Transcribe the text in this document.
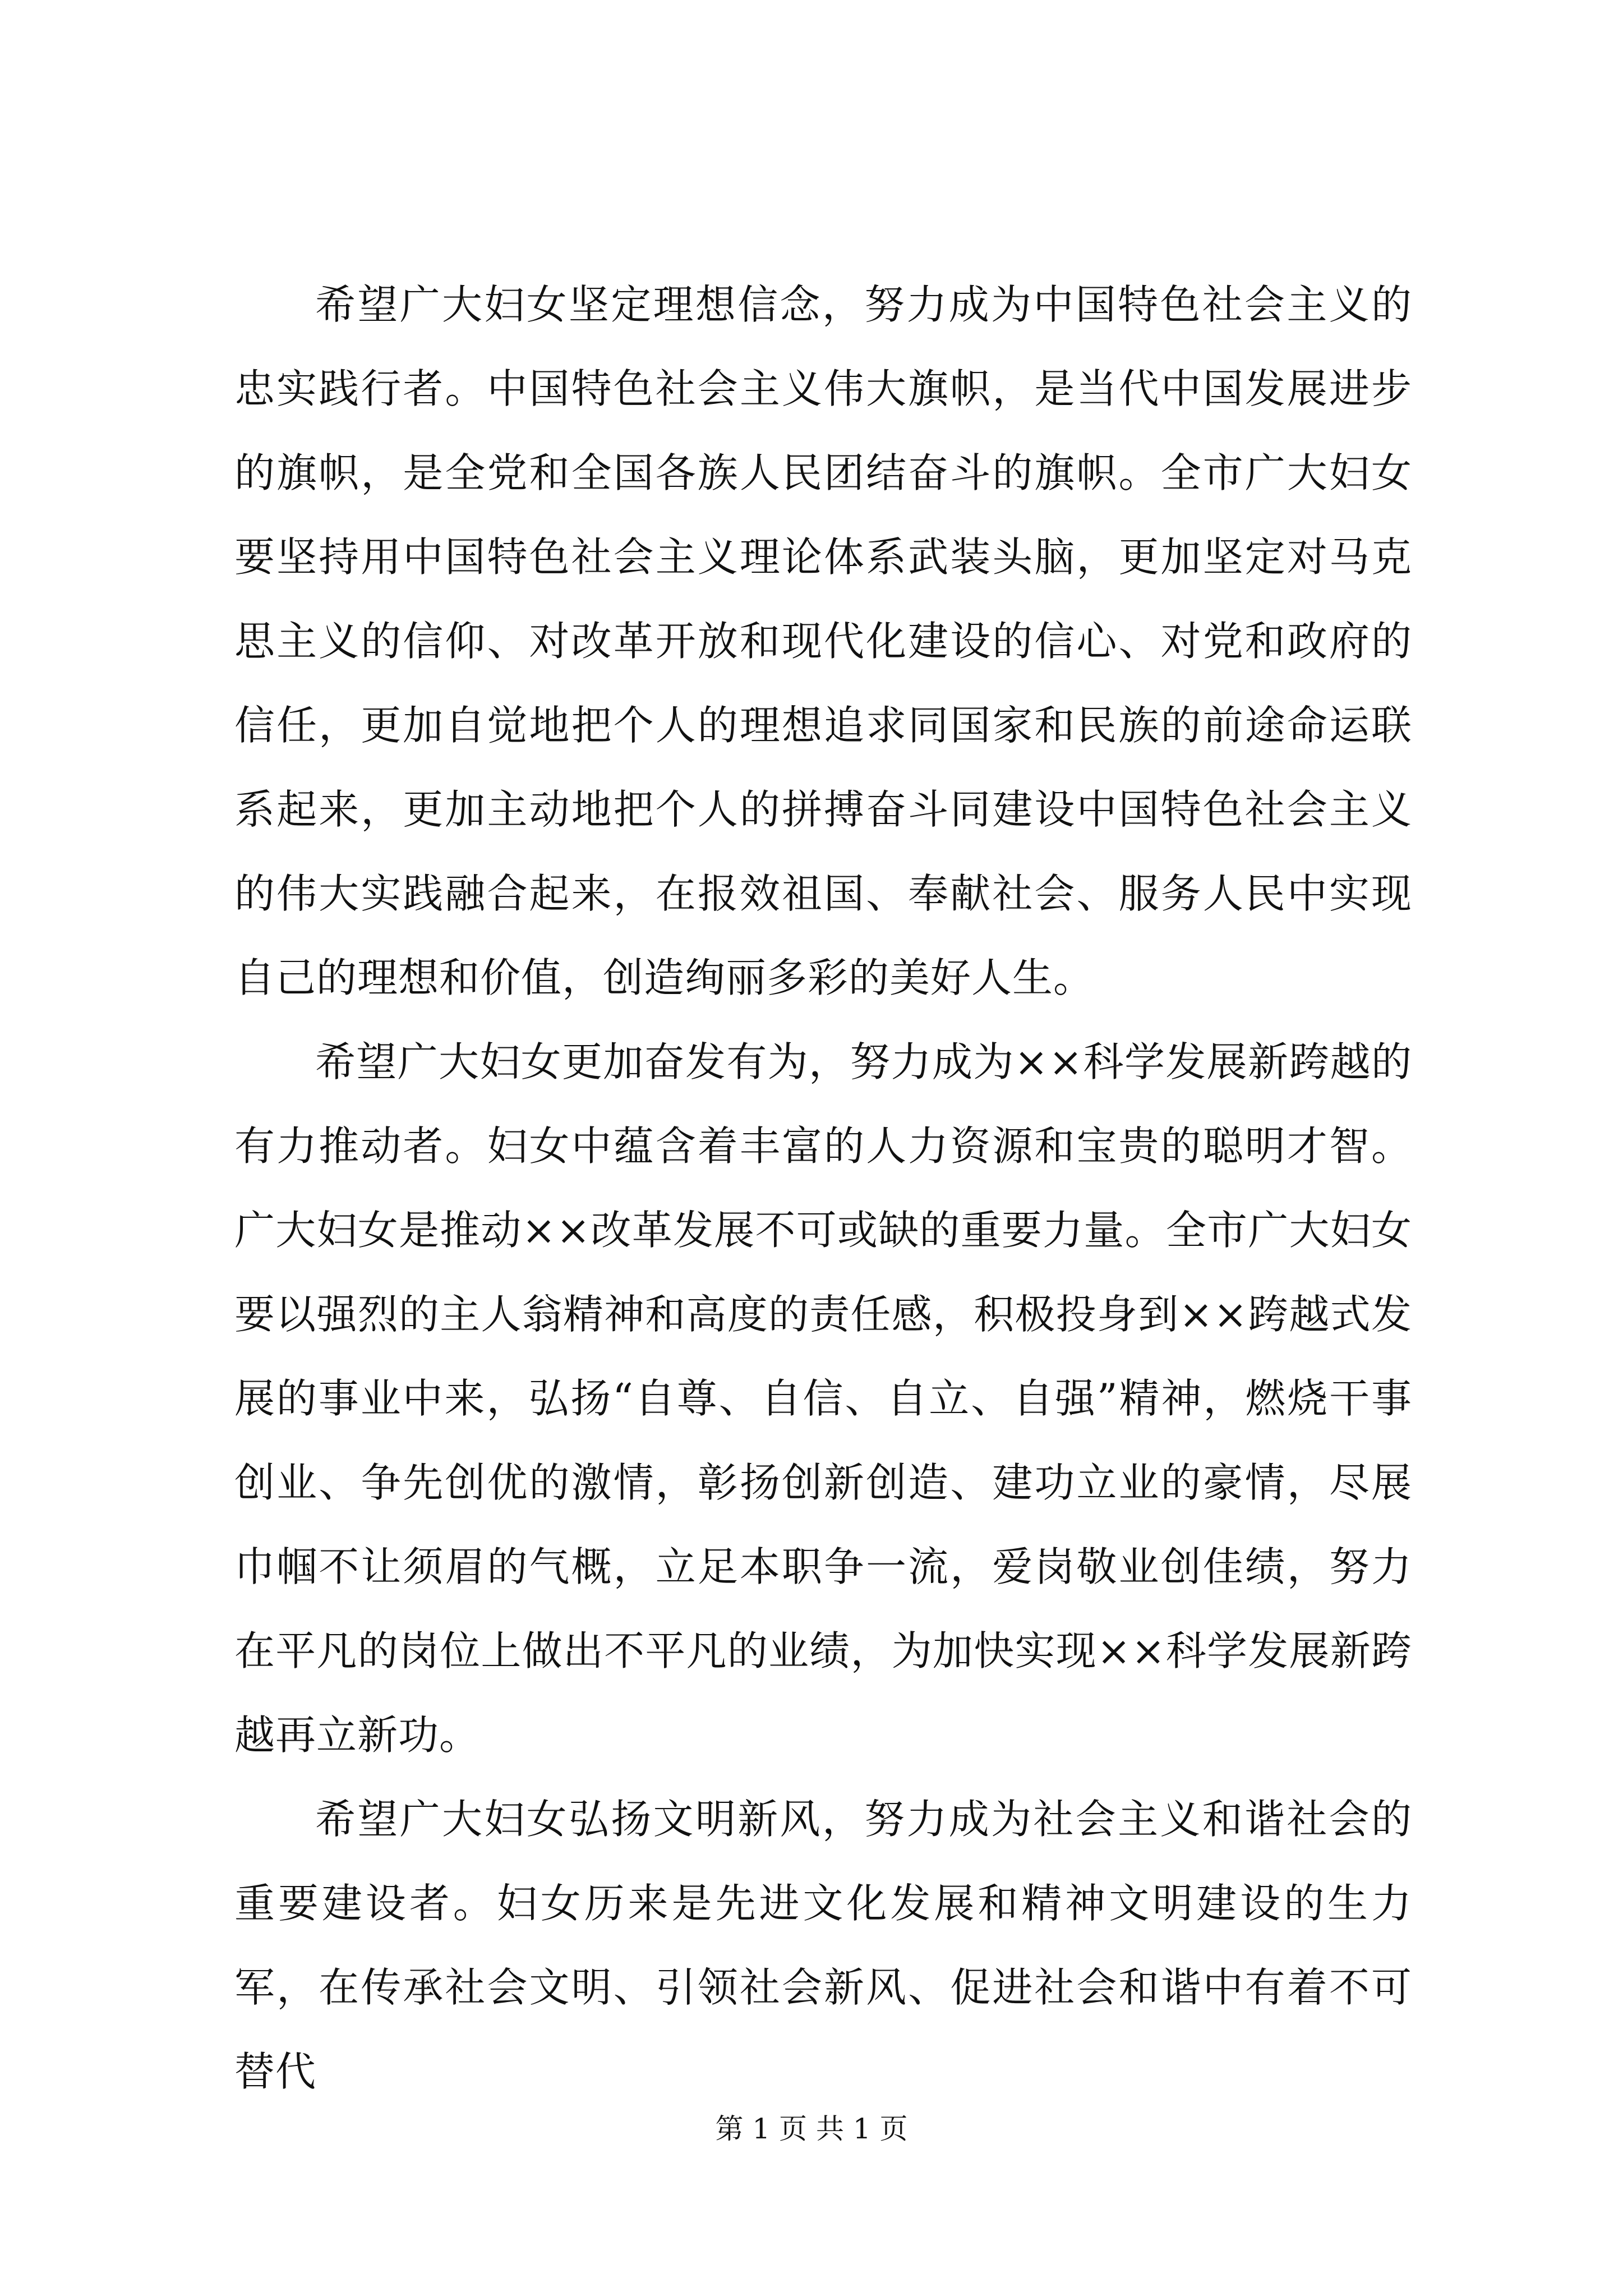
希望广大妇女坚定理想信念，努力成为中国特色社会主义的忠实践行者。中国特色社会主义伟大旗帜，是当代中国发展进步的旗帜，是全党和全国各族人民团结奋斗的旗帜。全市广大妇女要坚持用中国特色社会主义理论体系武装头脑，更加坚定对马克思主义的信仰、对改革开放和现代化建设的信心、对党和政府的信任，更加自觉地把个人的理想追求同国家和民族的前途命运联系起来，更加主动地把个人的拼搏奋斗同建设中国特色社会主义的伟大实践融合起来，在报效祖国、奉献社会、服务人民中实现自己的理想和价值，创造绚丽多彩的美好人生。

希望广大妇女更加奋发有为，努力成为××科学发展新跨越的有力推动者。妇女中蕴含着丰富的人力资源和宝贵的聪明才智。广大妇女是推动××改革发展不可或缺的重要力量。全市广大妇女要以强烈的主人翁精神和高度的责任感，积极投身到××跨越式发展的事业中来，弘扬“自尊、自信、自立、自强”精神，燃烧干事创业、争先创优的激情，彰扬创新创造、建功立业的豪情，尽展巾帼不让须眉的气概，立足本职争一流，爱岗敬业创佳绩，努力在平凡的岗位上做出不平凡的业绩，为加快实现××科学发展新跨越再立新功。

希望广大妇女弘扬文明新风，努力成为社会主义和谐社会的重要建设者。妇女历来是先进文化发展和精神文明建设的生力军，在传承社会文明、引领社会新风、促进社会和谐中有着不可替代

第 1 页 共 1 页
